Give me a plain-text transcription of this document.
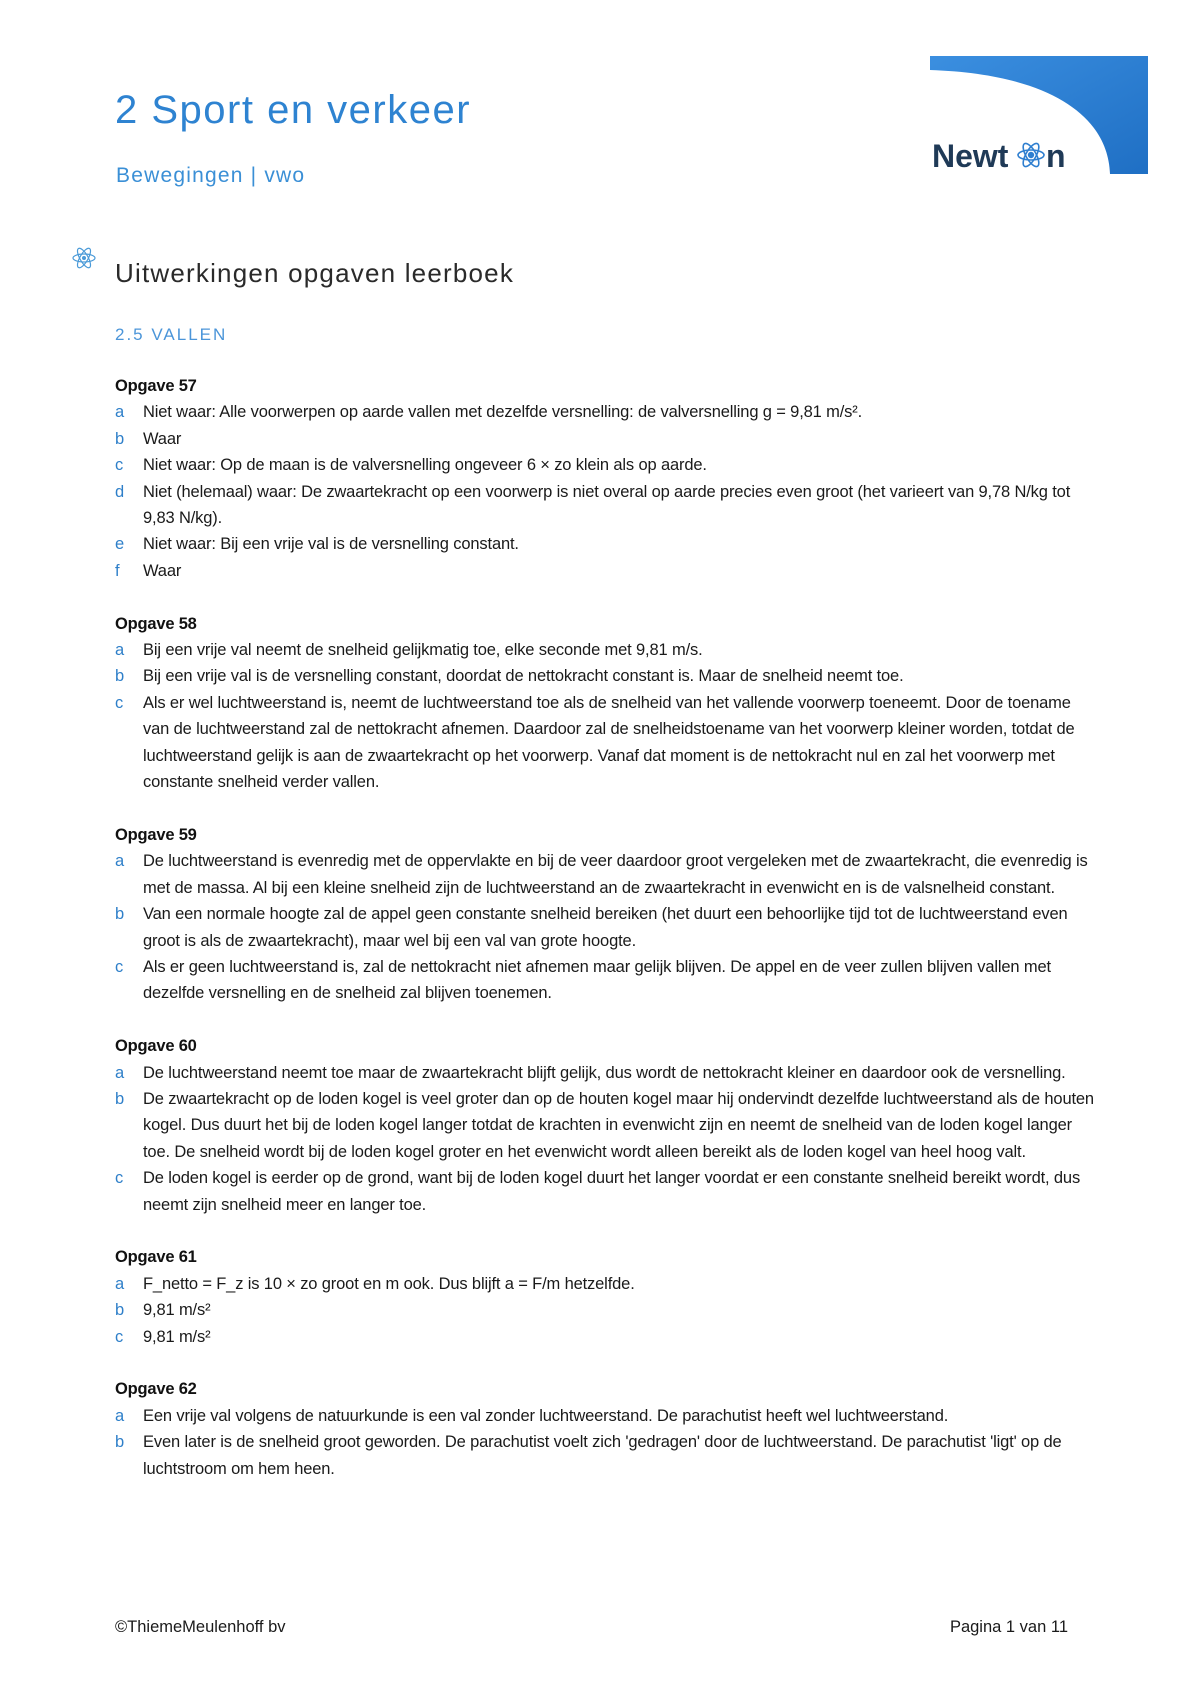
2 Sport en verkeer
Bewegingen | vwo
Newt n
Uitwerkingen opgaven leerboek
2.5 VALLEN
Opgave 57
a	Niet waar: Alle voorwerpen op aarde vallen met dezelfde versnelling: de valversnelling g = 9,81 m/s².
b	Waar
c	Niet waar: Op de maan is de valversnelling ongeveer 6 × zo klein als op aarde.
d	Niet (helemaal) waar: De zwaartekracht op een voorwerp is niet overal op aarde precies even groot (het varieert van 9,78 N/kg tot 9,83 N/kg).
e	Niet waar: Bij een vrije val is de versnelling constant.
f	Waar
Opgave 58
a	Bij een vrije val neemt de snelheid gelijkmatig toe, elke seconde met 9,81 m/s.
b	Bij een vrije val is de versnelling constant, doordat de nettokracht constant is. Maar de snelheid neemt toe.
c	Als er wel luchtweerstand is, neemt de luchtweerstand toe als de snelheid van het vallende voorwerp toeneemt. Door de toename van de luchtweerstand zal de nettokracht afnemen. Daardoor zal de snelheidstoename van het voorwerp kleiner worden, totdat de luchtweerstand gelijk is aan de zwaartekracht op het voorwerp. Vanaf dat moment is de nettokracht nul en zal het voorwerp met constante snelheid verder vallen.
Opgave 59
a	De luchtweerstand is evenredig met de oppervlakte en bij de veer daardoor groot vergeleken met de zwaartekracht, die evenredig is met de massa. Al bij een kleine snelheid zijn de luchtweerstand an de zwaartekracht in evenwicht en is de valsnelheid constant.
b	Van een normale hoogte zal de appel geen constante snelheid bereiken (het duurt een behoorlijke tijd tot de luchtweerstand even groot is als de zwaartekracht), maar wel bij een val van grote hoogte.
c	Als er geen luchtweerstand is, zal de nettokracht niet afnemen maar gelijk blijven. De appel en de veer zullen blijven vallen met dezelfde versnelling en de snelheid zal blijven toenemen.
Opgave 60
a	De luchtweerstand neemt toe maar de zwaartekracht blijft gelijk, dus wordt de nettokracht kleiner en daardoor ook de versnelling.
b	De zwaartekracht op de loden kogel is veel groter dan op de houten kogel maar hij ondervindt dezelfde luchtweerstand als de houten kogel. Dus duurt het bij de loden kogel langer totdat de krachten in evenwicht zijn en neemt de snelheid van de loden kogel langer toe. De snelheid wordt bij de loden kogel groter en het evenwicht wordt alleen bereikt als de loden kogel van heel hoog valt.
c	De loden kogel is eerder op de grond, want bij de loden kogel duurt het langer voordat er een constante snelheid bereikt wordt, dus neemt zijn snelheid meer en langer toe.
Opgave 61
a	F_netto = F_z is 10 × zo groot en m ook. Dus blijft a = F/m hetzelfde.
b	9,81 m/s²
c	9,81 m/s²
Opgave 62
a	Een vrije val volgens de natuurkunde is een val zonder luchtweerstand. De parachutist heeft wel luchtweerstand.
b	Even later is de snelheid groot geworden. De parachutist voelt zich 'gedragen' door de luchtweerstand. De parachutist 'ligt' op de luchtstroom om hem heen.
©ThiemeMeulenhoff bv	Pagina 1 van 11
